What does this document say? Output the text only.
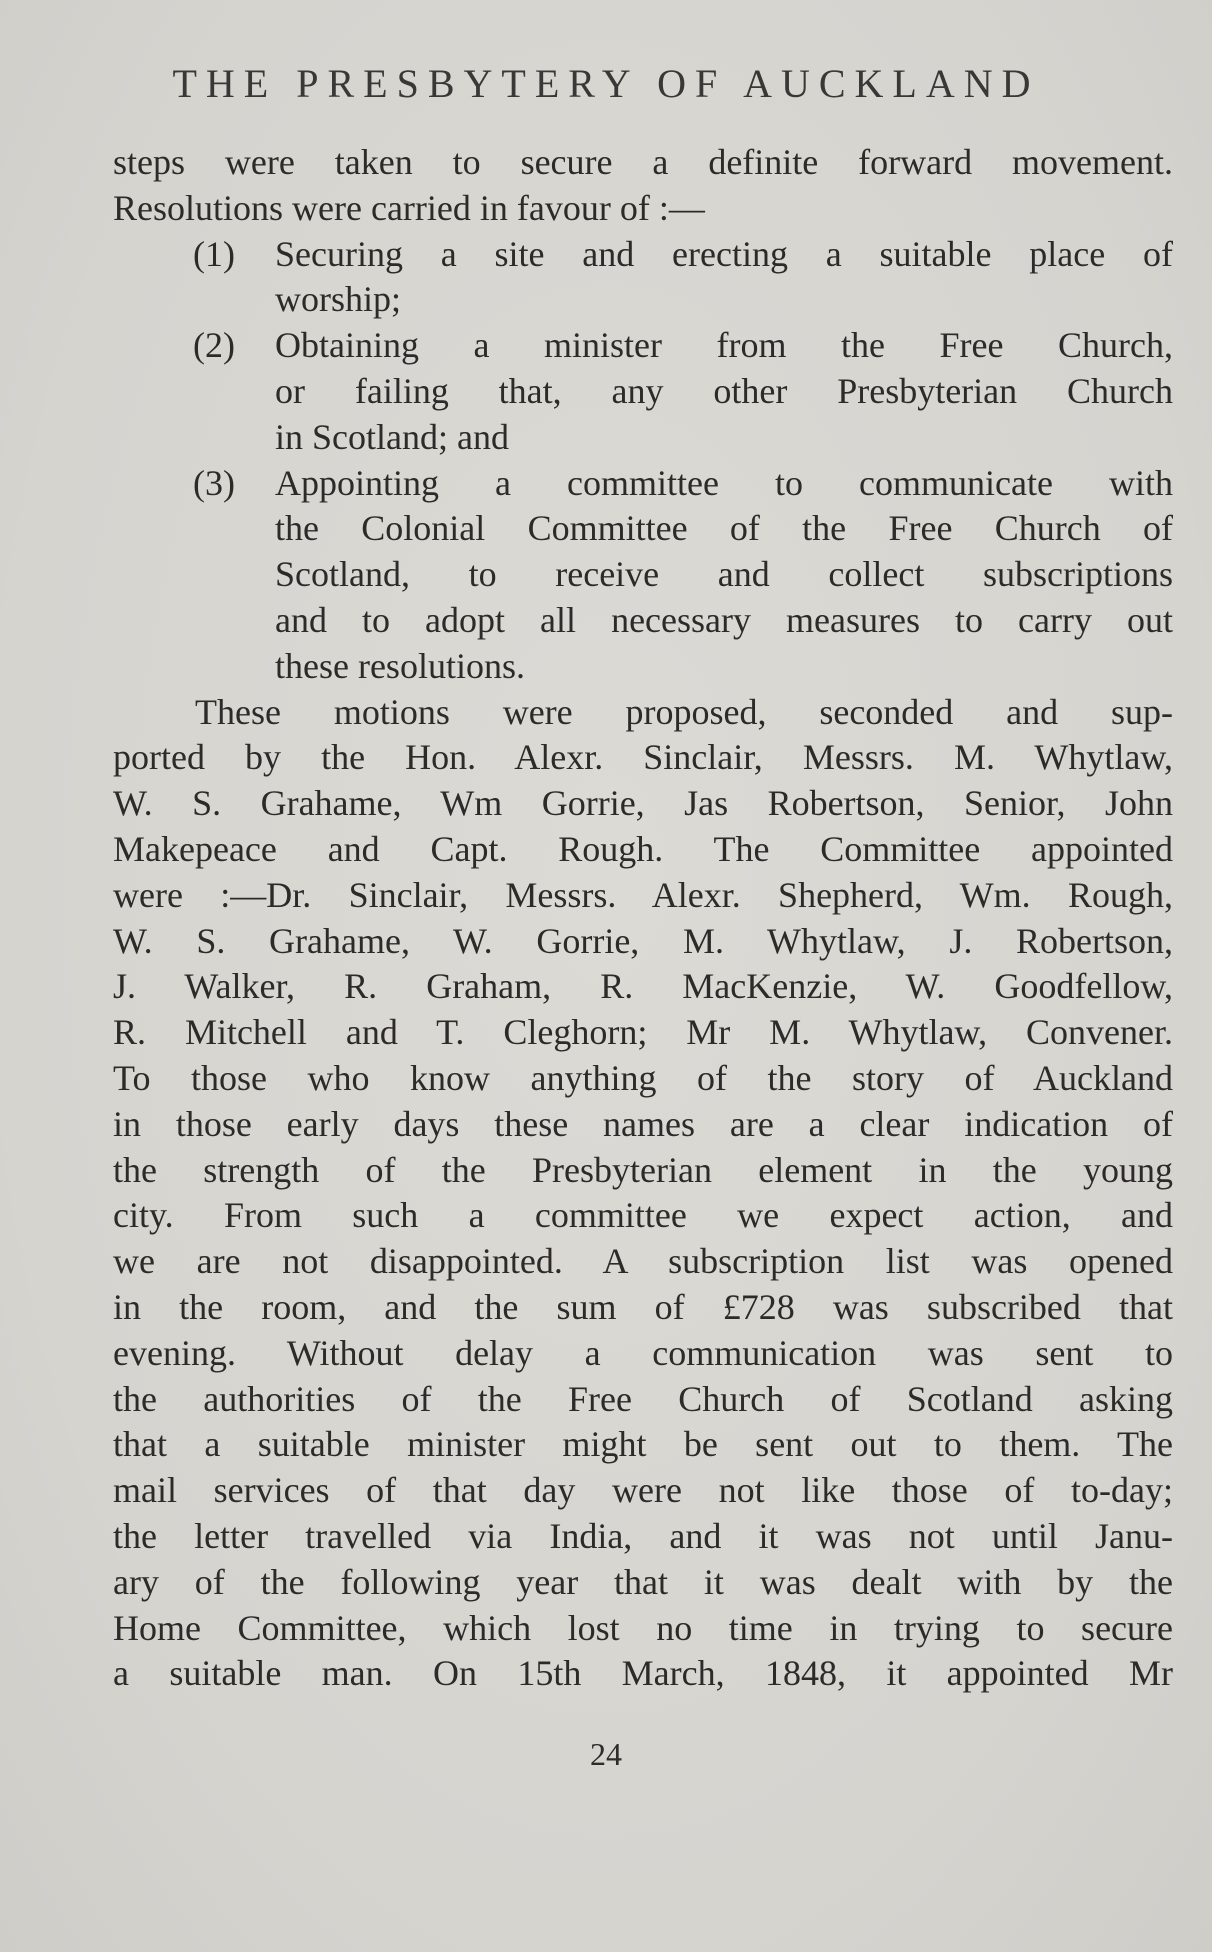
THE PRESBYTERY OF AUCKLAND
steps were taken to secure a definite forward movement.
Resolutions were carried in favour of :—
(1) Securing a site and erecting a suitable place of
worship;
(2) Obtaining a minister from the Free Church,
or failing that, any other Presbyterian Church
in Scotland; and
(3) Appointing a committee to communicate with
the Colonial Committee of the Free Church of
Scotland, to receive and collect subscriptions
and to adopt all necessary measures to carry out
these resolutions.
These motions were proposed, seconded and sup-
ported by the Hon. Alexr. Sinclair, Messrs. M. Whytlaw,
W. S. Grahame, Wm Gorrie, Jas Robertson, Senior, John
Makepeace and Capt. Rough. The Committee appointed
were :—Dr. Sinclair, Messrs. Alexr. Shepherd, Wm. Rough,
W. S. Grahame, W. Gorrie, M. Whytlaw, J. Robertson,
J. Walker, R. Graham, R. MacKenzie, W. Goodfellow,
R. Mitchell and T. Cleghorn; Mr M. Whytlaw, Convener.
To those who know anything of the story of Auckland
in those early days these names are a clear indication of
the strength of the Presbyterian element in the young
city. From such a committee we expect action, and
we are not disappointed. A subscription list was opened
in the room, and the sum of £728 was subscribed that
evening. Without delay a communication was sent to
the authorities of the Free Church of Scotland asking
that a suitable minister might be sent out to them. The
mail services of that day were not like those of to-day;
the letter travelled via India, and it was not until Janu-
ary of the following year that it was dealt with by the
Home Committee, which lost no time in trying to secure
a suitable man. On 15th March, 1848, it appointed Mr
24
